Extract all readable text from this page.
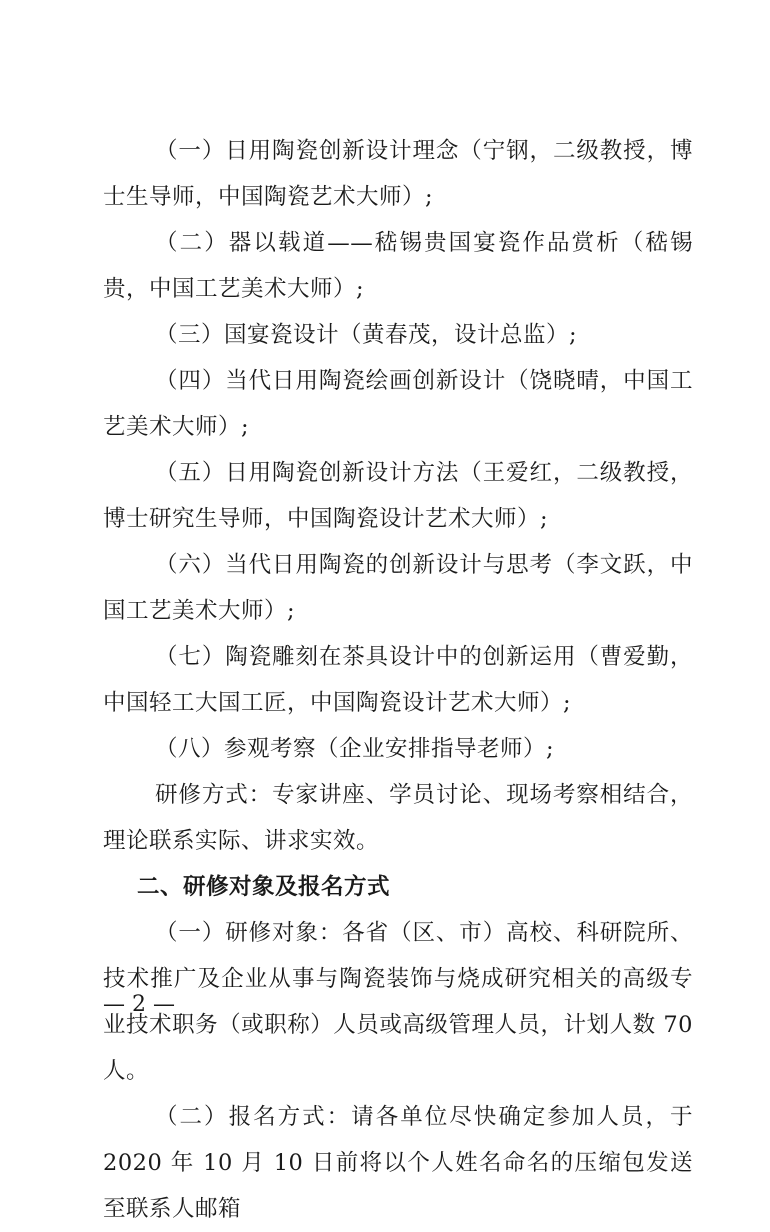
（一）日用陶瓷创新设计理念（宁钢，二级教授，博士生导师，中国陶瓷艺术大师）;

（二）器以载道——嵇锡贵国宴瓷作品赏析（嵇锡贵，中国工艺美术大师）;

（三）国宴瓷设计（黄春茂，设计总监）;

（四）当代日用陶瓷绘画创新设计（饶晓晴，中国工艺美术大师）;

（五）日用陶瓷创新设计方法（王爱红，二级教授，博士研究生导师，中国陶瓷设计艺术大师）;

（六）当代日用陶瓷的创新设计与思考（李文跃，中国工艺美术大师）;

（七）陶瓷雕刻在茶具设计中的创新运用（曹爱勤，中国轻工大国工匠，中国陶瓷设计艺术大师）;

（八）参观考察（企业安排指导老师）;

研修方式：专家讲座、学员讨论、现场考察相结合，理论联系实际、讲求实效。

二、研修对象及报名方式

（一）研修对象：各省（区、市）高校、科研院所、技术推广及企业从事与陶瓷装饰与烧成研究相关的高级专业技术职务（或职称）人员或高级管理人员，计划人数 70 人。

（二）报名方式：请各单位尽快确定参加人员，于 2020 年 10 月 10 日前将以个人姓名命名的压缩包发送至联系人邮箱

— 2 —
